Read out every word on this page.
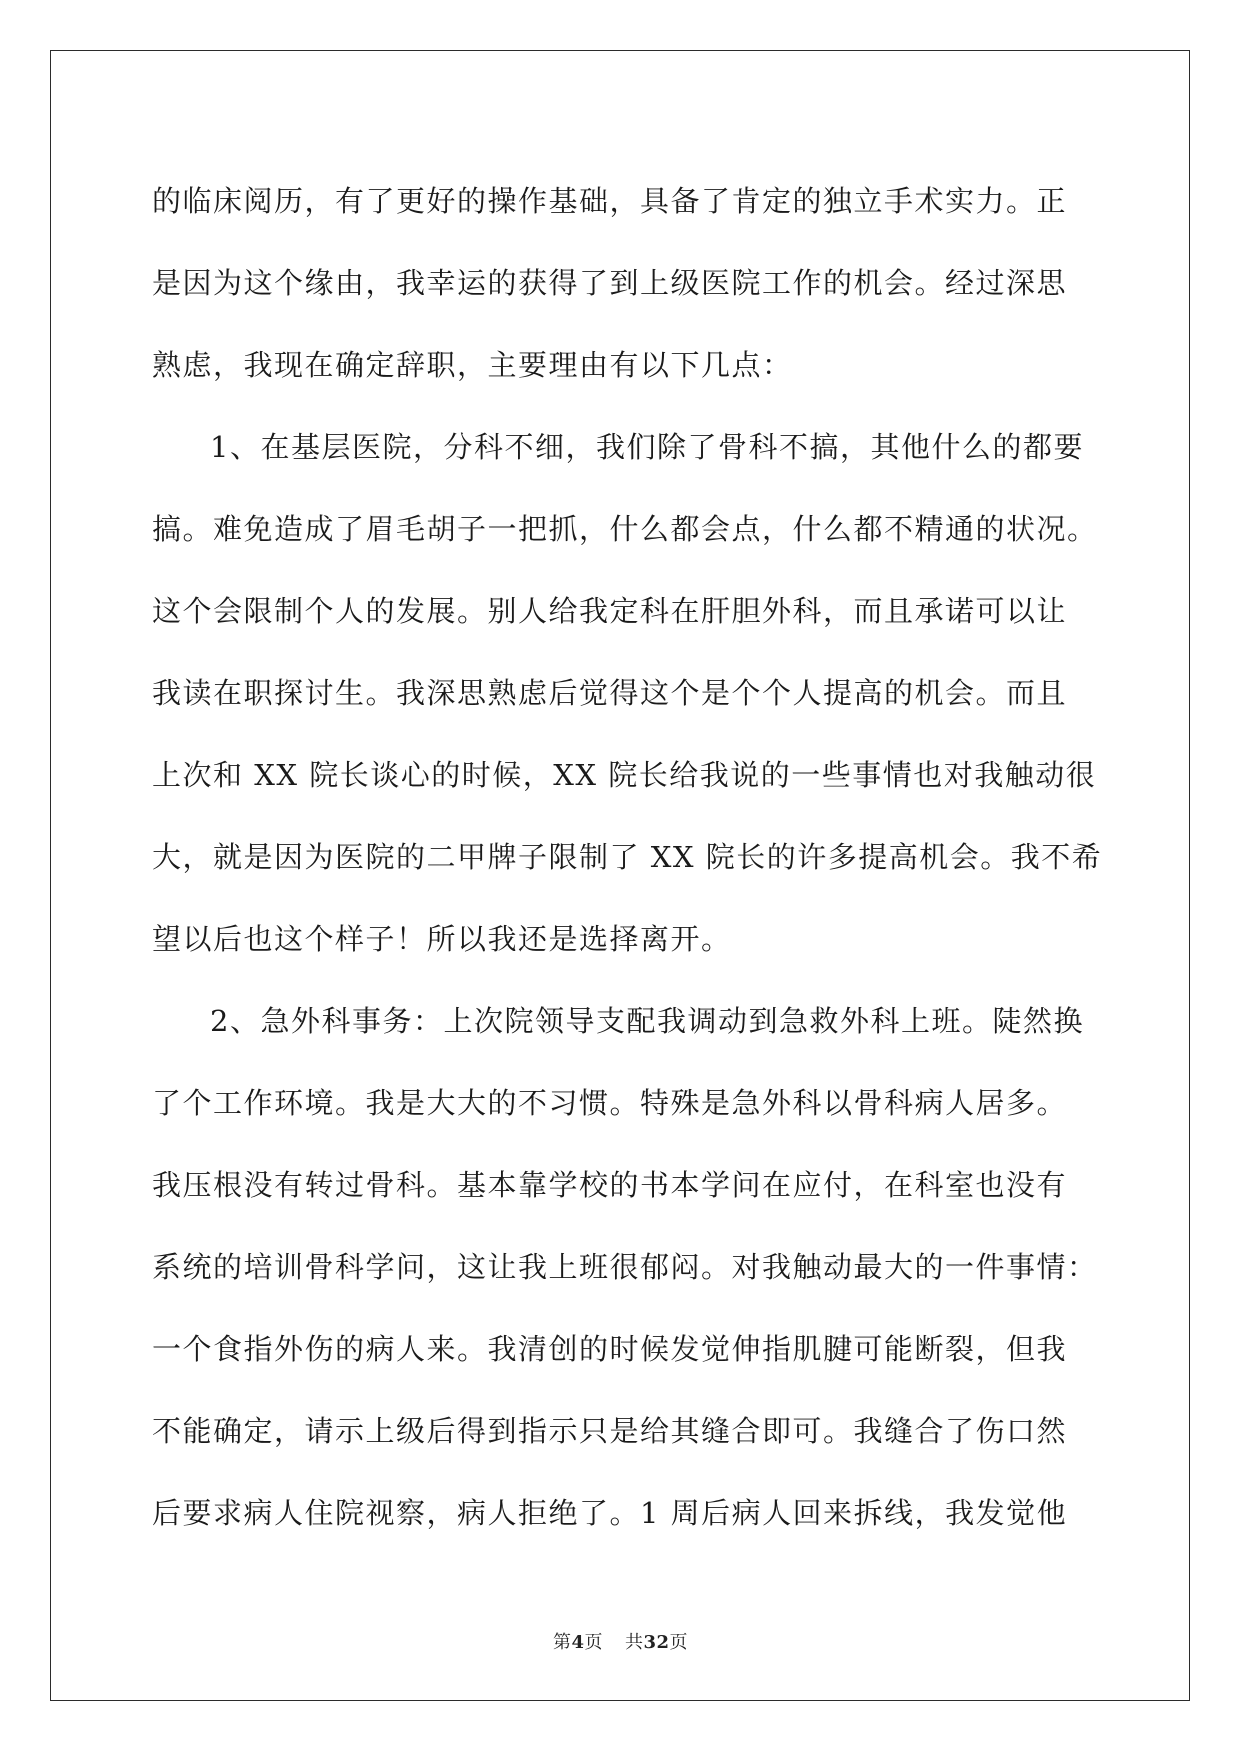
的临床阅历，有了更好的操作基础，具备了肯定的独立手术实力。正
是因为这个缘由，我幸运的获得了到上级医院工作的机会。经过深思
熟虑，我现在确定辞职，主要理由有以下几点：

1、在基层医院，分科不细，我们除了骨科不搞，其他什么的都要
搞。难免造成了眉毛胡子一把抓，什么都会点，什么都不精通的状况。
这个会限制个人的发展。别人给我定科在肝胆外科，而且承诺可以让
我读在职探讨生。我深思熟虑后觉得这个是个个人提高的机会。而且
上次和 XX 院长谈心的时候，XX 院长给我说的一些事情也对我触动很
大，就是因为医院的二甲牌子限制了 XX 院长的许多提高机会。我不希
望以后也这个样子！所以我还是选择离开。

2、急外科事务：上次院领导支配我调动到急救外科上班。陡然换
了个工作环境。我是大大的不习惯。特殊是急外科以骨科病人居多。
我压根没有转过骨科。基本靠学校的书本学问在应付，在科室也没有
系统的培训骨科学问，这让我上班很郁闷。对我触动最大的一件事情：
一个食指外伤的病人来。我清创的时候发觉伸指肌腱可能断裂，但我
不能确定，请示上级后得到指示只是给其缝合即可。我缝合了伤口然
后要求病人住院视察，病人拒绝了。1 周后病人回来拆线，我发觉他

第4页 共32页
